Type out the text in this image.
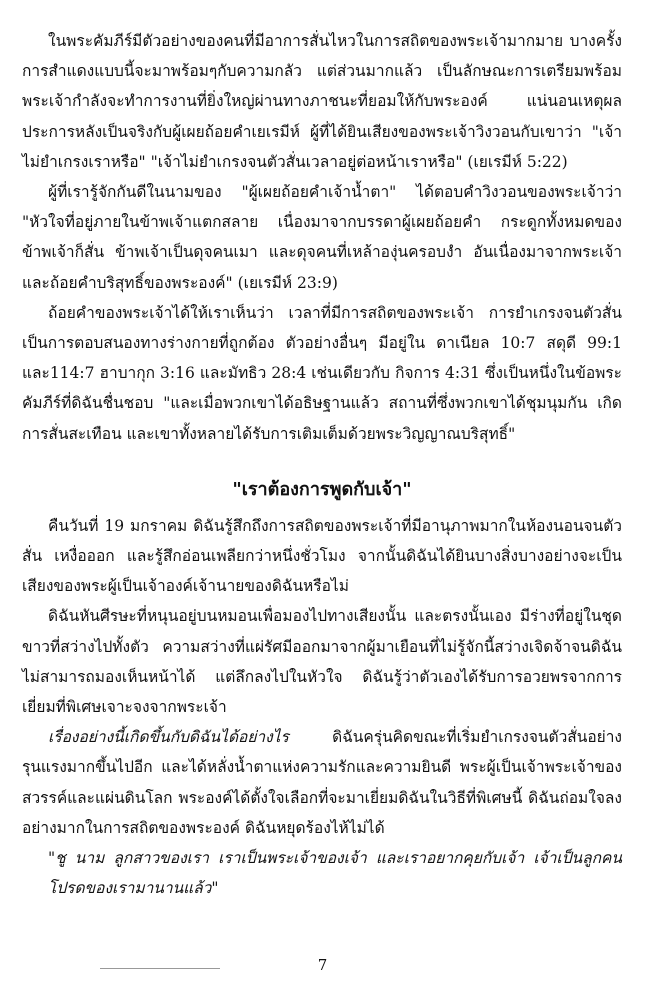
ในพระคัมภีร์มีตัวอย่างของคนที่มีอาการสั่นไหวในการสถิตของพระเจ้ามากมาย บางครั้งการสำแดงแบบนี้จะมาพร้อมๆกับความกลัว แต่ส่วนมากแล้ว เป็นลักษณะการเตรียมพร้อม พระเจ้ากำลังจะทำการงานที่ยิ่งใหญ่ผ่านทางภาชนะที่ยอมให้กับพระองค์ แน่นอนเหตุผลประการหลังเป็นจริงกับผู้เผยถ้อยคำเยเรมีห์ ผู้ที่ได้ยินเสียงของพระเจ้าวิงวอนกับเขาว่า "เจ้าไม่ยำเกรงเราหรือ" "เจ้าไม่ยำเกรงจนตัวสั่นเวลาอยู่ต่อหน้าเราหรือ" (เยเรมีห์ 5:22)

ผู้ที่เรารู้จักกันดีในนามของ "ผู้เผยถ้อยคำเจ้าน้ำตา" ได้ตอบคำวิงวอนของพระเจ้าว่า "หัวใจที่อยู่ภายในข้าพเจ้าแตกสลาย เนื่องมาจากบรรดาผู้เผยถ้อยคำ กระดูกทั้งหมดของข้าพเจ้าก็สั่น ข้าพเจ้าเป็นดุจคนเมา และดุจคนที่เหล้าองุ่นครอบงำ อันเนื่องมาจากพระเจ้าและถ้อยคำบริสุทธิ์ของพระองค์" (เยเรมีห์ 23:9)

ถ้อยคำของพระเจ้าได้ให้เราเห็นว่า เวลาที่มีการสถิตของพระเจ้า การยำเกรงจนตัวสั่นเป็นการตอบสนองทางร่างกายที่ถูกต้อง ตัวอย่างอื่นๆ มีอยู่ใน ดาเนียล 10:7 สดุดี 99:1 และ114:7 ฮาบากุก 3:16 และมัทธิว 28:4 เช่นเดียวกับ กิจการ 4:31 ซึ่งเป็นหนึ่งในข้อพระคัมภีร์ที่ดิฉันชื่นชอบ "และเมื่อพวกเขาได้อธิษฐานแล้ว สถานที่ซึ่งพวกเขาได้ชุมนุมกัน เกิดการสั่นสะเทือน และเขาทั้งหลายได้รับการเติมเต็มด้วยพระวิญญาณบริสุทธิ์"

"เราต้องการพูดกับเจ้า"

คืนวันที่ 19 มกราคม ดิฉันรู้สึกถึงการสถิตของพระเจ้าที่มีอานุภาพมากในห้องนอนจนตัวสั่น เหงื่อออก และรู้สึกอ่อนเพลียกว่าหนึ่งชั่วโมง จากนั้นดิฉันได้ยินบางสิ่งบางอย่างจะเป็นเสียงของพระผู้เป็นเจ้าองค์เจ้านายของดิฉันหรือไม่

ดิฉันหันศีรษะที่หนุนอยู่บนหมอนเพื่อมองไปทางเสียงนั้น และตรงนั้นเอง มีร่างที่อยู่ในชุดขาวที่สว่างไปทั้งตัว ความสว่างที่แผ่รัศมีออกมาจากผู้มาเยือนที่ไม่รู้จักนี้สว่างเจิดจ้าจนดิฉันไม่สามารถมองเห็นหน้าได้ แต่ลึกลงไปในหัวใจ ดิฉันรู้ว่าตัวเองได้รับการอวยพรจากการเยี่ยมที่พิเศษเจาะจงจากพระเจ้า

เรื่องอย่างนี้เกิดขึ้นกับดิฉันได้อย่างไร ดิฉันครุ่นคิดขณะที่เริ่มยำเกรงจนตัวสั่นอย่างรุนแรงมากขึ้นไปอีก และได้หลั่งน้ำตาแห่งความรักและความยินดี พระผู้เป็นเจ้าพระเจ้าของสวรรค์และแผ่นดินโลก พระองค์ได้ตั้งใจเลือกที่จะมาเยี่ยมดิฉันในวิธีที่พิเศษนี้ ดิฉันถ่อมใจลงอย่างมากในการสถิตของพระองค์ ดิฉันหยุดร้องไห้ไม่ได้

"ชู นาม ลูกสาวของเรา เราเป็นพระเจ้าของเจ้า และเราอยากคุยกับเจ้า เจ้าเป็นลูกคนโปรดของเรามานานแล้ว"

7
